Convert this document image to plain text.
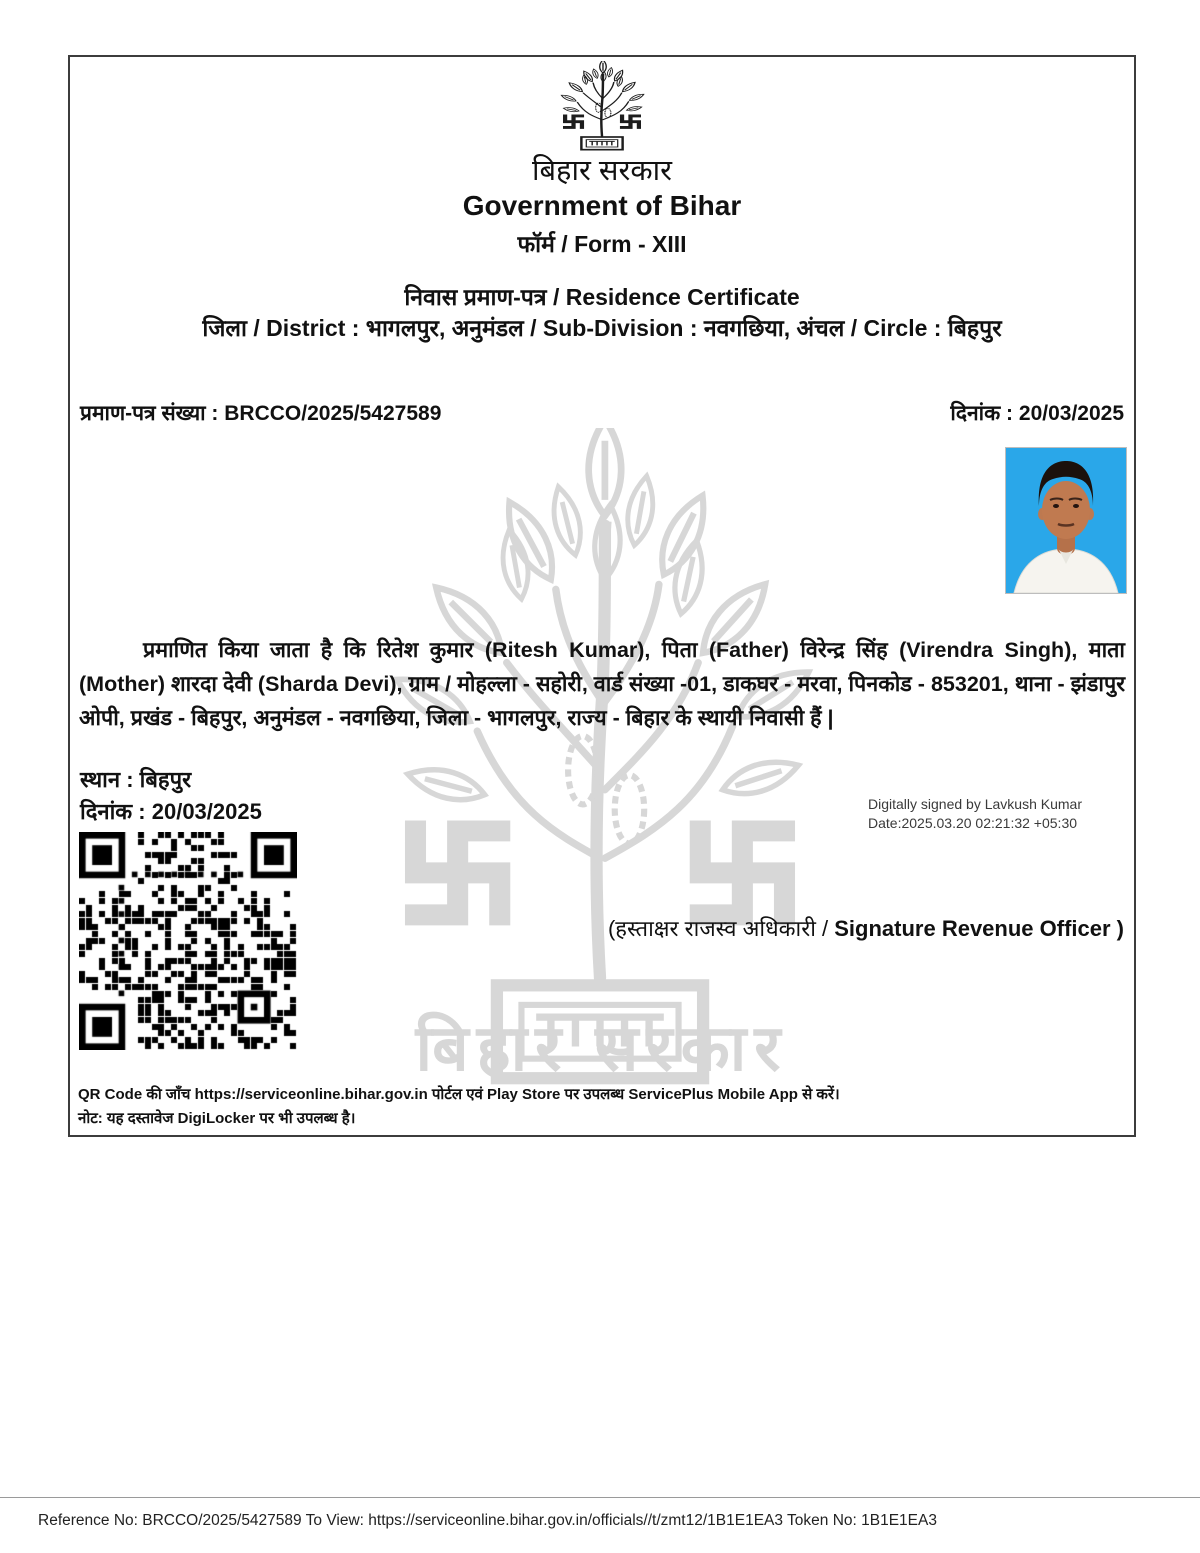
बिहार सरकार
बिहार सरकार
Government of Bihar
फॉर्म / Form - XIII
निवास प्रमाण-पत्र / Residence Certificate
जिला / District : भागलपुर, अनुमंडल / Sub-Division : नवगछिया, अंचल / Circle : बिहपुर
प्रमाण-पत्र संख्या : BRCCO/2025/5427589	दिनांक : 20/03/2025

प्रमाणित किया जाता है कि रितेश कुमार (Ritesh Kumar), पिता (Father) विरेन्द्र सिंह (Virendra Singh), माता (Mother) शारदा देवी (Sharda Devi), ग्राम / मोहल्ला - सहोरी, वार्ड संख्या -01, डाकघर - मरवा, पिनकोड - 853201, थाना - झंडापुर ओपी, प्रखंड - बिहपुर, अनुमंडल - नवगछिया, जिला - भागलपुर, राज्य - बिहार के स्थायी निवासी हैं |

स्थान : बिहपुर
दिनांक : 20/03/2025	Digitally signed by Lavkush Kumar
Date:2025.03.20 02:21:32 +05:30
(हस्ताक्षर राजस्व अधिकारी / Signature Revenue Officer )
QR Code की जाँच https://serviceonline.bihar.gov.in पोर्टल एवं Play Store पर उपलब्ध ServicePlus Mobile App से करें।
नोट: यह दस्तावेज DigiLocker पर भी उपलब्ध है।
Reference No: BRCCO/2025/5427589 To View: https://serviceonline.bihar.gov.in/officials//t/zmt12/1B1E1EA3 Token No: 1B1E1EA3
